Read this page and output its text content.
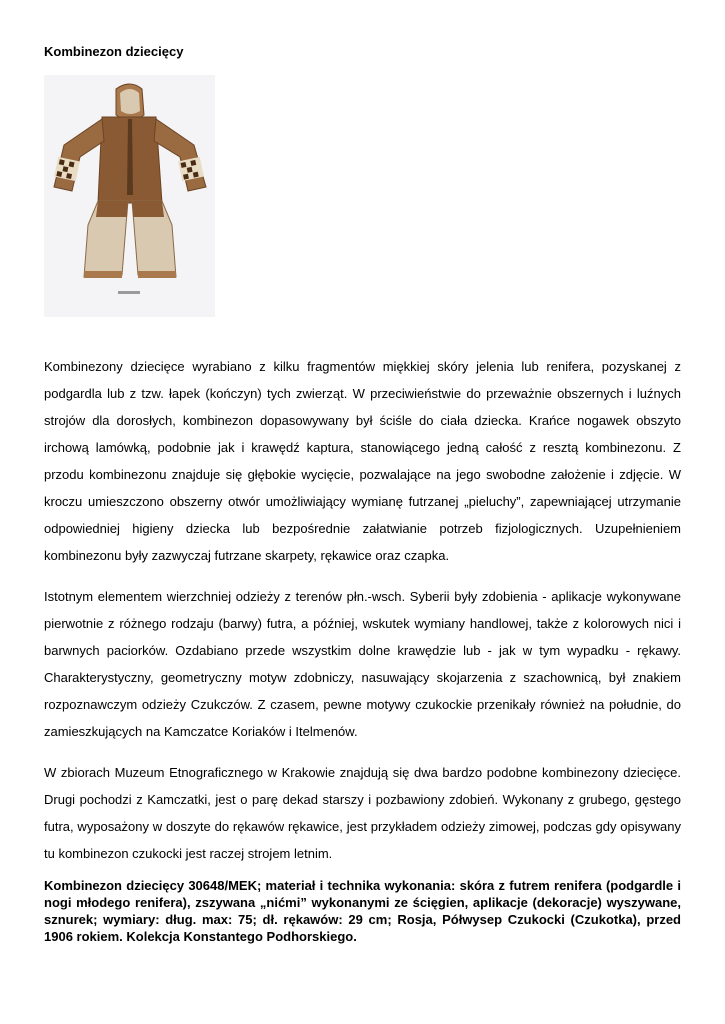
Kombinezon dziecięcy

Kombinezony dziecięce wyrabiano z kilku fragmentów miękkiej skóry jelenia lub renifera, pozyskanej z podgardla lub z tzw. łapek (kończyn) tych zwierząt. W przeciwieństwie do przeważnie obszernych i luźnych strojów dla dorosłych, kombinezon dopasowywany był ściśle do ciała dziecka. Krańce nogawek obszyto irchową lamówką, podobnie jak i krawędź kaptura, stanowiącego jedną całość z resztą kombinezonu. Z przodu kombinezonu znajduje się głębokie wycięcie, pozwalające na jego swobodne założenie i zdjęcie. W kroczu umieszczono obszerny otwór umożliwiający wymianę futrzanej „pieluchy”, zapewniającej utrzymanie odpowiedniej higieny dziecka lub bezpośrednie załatwianie potrzeb fizjologicznych. Uzupełnieniem kombinezonu były zazwyczaj futrzane skarpety, rękawice oraz czapka.

Istotnym elementem wierzchniej odzieży z terenów płn.-wsch. Syberii były zdobienia - aplikacje wykonywane pierwotnie z różnego rodzaju (barwy) futra, a później, wskutek wymiany handlowej, także z kolorowych nici i barwnych paciorków. Ozdabiano przede wszystkim dolne krawędzie lub - jak w tym wypadku - rękawy. Charakterystyczny, geometryczny motyw zdobniczy, nasuwający skojarzenia z szachownicą, był znakiem rozpoznawczym odzieży Czukczów. Z czasem, pewne motywy czukockie przenikały również na południe, do zamieszkujących na Kamczatce Koriaków i Itelmenów.

W zbiorach Muzeum Etnograficznego w Krakowie znajdują się dwa bardzo podobne kombinezony dziecięce. Drugi pochodzi z Kamczatki, jest o parę dekad starszy i pozbawiony zdobień. Wykonany z grubego, gęstego futra, wyposażony w doszyte do rękawów rękawice, jest przykładem odzieży zimowej, podczas gdy opisywany tu kombinezon czukocki jest raczej strojem letnim.

Kombinezon dziecięcy 30648/MEK; materiał i technika wykonania: skóra z futrem renifera (podgardle i nogi młodego renifera), zszywana „nićmi” wykonanymi ze ścięgien, aplikacje (dekoracje) wyszywane, sznurek; wymiary: dług. max: 75; dł. rękawów: 29 cm; Rosja, Półwysep Czukocki (Czukotka), przed 1906 rokiem. Kolekcja Konstantego Podhorskiego.
